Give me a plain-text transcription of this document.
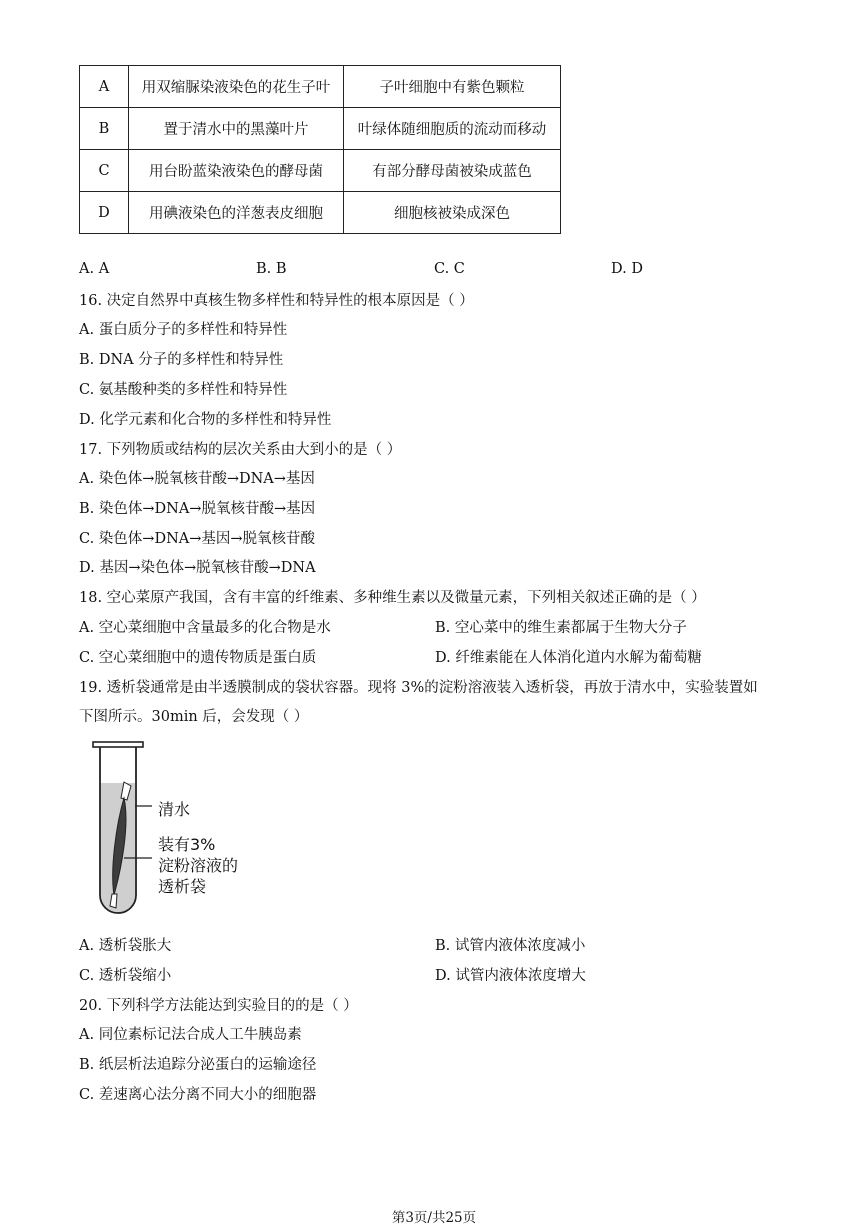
A	用双缩脲染液染色的花生子叶	子叶细胞中有紫色颗粒
B	置于清水中的黑藻叶片	叶绿体随细胞质的流动而移动
C	用台盼蓝染液染色的酵母菌	有部分酵母菌被染成蓝色
D	用碘液染色的洋葱表皮细胞	细胞核被染成深色
A. A	B. B	C. C	D. D
16. 决定自然界中真核生物多样性和特异性的根本原因是（ ）
A. 蛋白质分子的多样性和特异性
B. DNA 分子的多样性和特异性
C. 氨基酸种类的多样性和特异性
D. 化学元素和化合物的多样性和特异性
17. 下列物质或结构的层次关系由大到小的是（ ）
A. 染色体→脱氧核苷酸→DNA→基因
B. 染色体→DNA→脱氧核苷酸→基因
C. 染色体→DNA→基因→脱氧核苷酸
D. 基因→染色体→脱氧核苷酸→DNA
18. 空心菜原产我国，含有丰富的纤维素、多种维生素以及微量元素，下列相关叙述正确的是（ ）
A. 空心菜细胞中含量最多的化合物是水	B. 空心菜中的维生素都属于生物大分子
C. 空心菜细胞中的遗传物质是蛋白质	D. 纤维素能在人体消化道内水解为葡萄糖
19. 透析袋通常是由半透膜制成的袋状容器。现将 3%的淀粉溶液装入透析袋，再放于清水中，实验装置如
下图所示。30min 后，会发现（ ）
清水
装有3%
淀粉溶液的
透析袋
A. 透析袋胀大	B. 试管内液体浓度减小
C. 透析袋缩小	D. 试管内液体浓度增大
20. 下列科学方法能达到实验目的的是（ ）
A. 同位素标记法合成人工牛胰岛素
B. 纸层析法追踪分泌蛋白的运输途径
C. 差速离心法分离不同大小的细胞器
第3页/共25页
